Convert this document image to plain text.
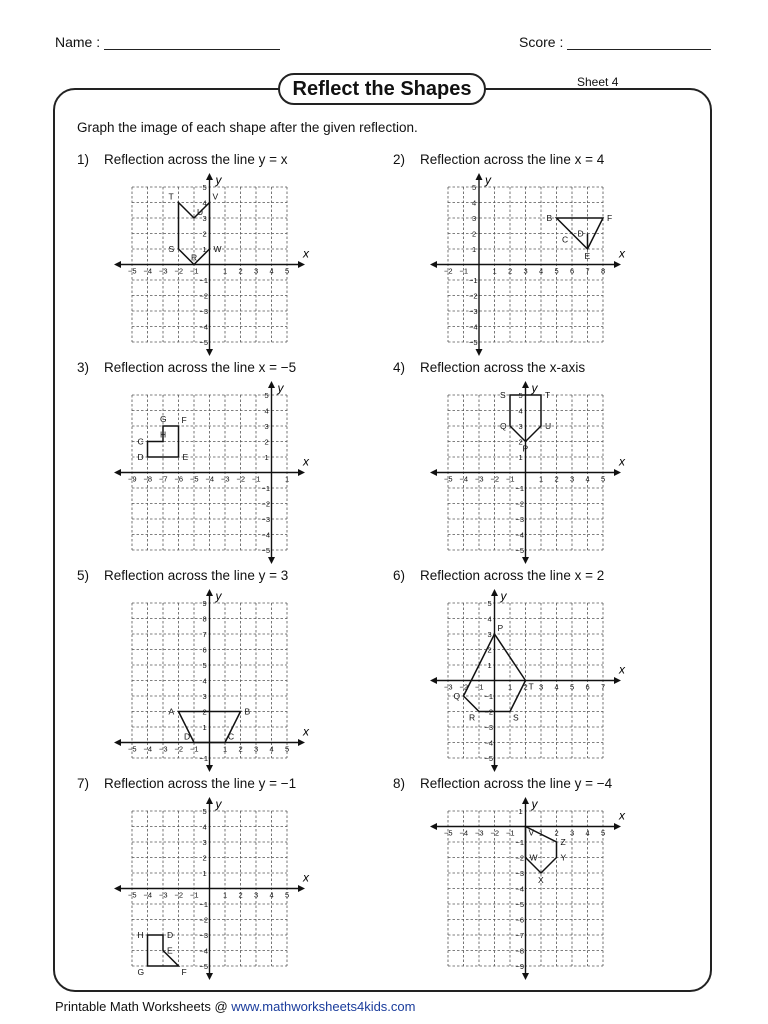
Name :	Score :
Reflect the Shapes	Sheet 4
Graph the image of each shape after the given reflection.
1) Reflection across the line y = x
x
y
−5 −4 −3 −2 −1	1 2 3 4 5
−5
−4
−3
−2
−1
1
2
3
4
5
T
U
V
W
R
S
2) Reflection across the line x = 4
x
y
−2 −1	1 2 3 4 5 6 7 8
−5
−4
−3
−2
−1
1
2
3
4
5
B	F
D
E
C
3) Reflection across the line x = −5
x
y
−9 −8 −7 −6 −5 −4 −3 −2 −1	1
−5
−4
−3
−2
−1
1
2
3
4
5
D
C
H
G F
E
4) Reflection across the x-axis
x
y
−5 −4 −3 −2 −1	1 2 3 4 5
−5
−4
−3
−2
−1
1
2
3
4
5
S	T
U
P
Q
5) Reflection across the line y = 3
x
y
−5 −4 −3 −2 −1	1 2 3 4 5
−1
1
2
3
4
5
6
7
8
9
A	B
C
D
6) Reflection across the line x = 2
x
y
−3 −2 −1	1 2 3 4 5 6 7
−5
−4
−3
−2
−1
1
2
3
4
5
P
T
S
R
Q
7) Reflection across the line y = −1
x
y
−5 −4 −3 −2 −1	1 2 3 4 5
−5
−4
−3
−2
−1
1
2
3
4
5
H	D
E
F
G
8) Reflection across the line y = −4
x
y
−5 −4 −3 −2 −1	1 2 3 4 5
−9
−8
−7
−6
−5
−4
−3
−2
−1
1
V
Z
Y
X
W
Printable Math Worksheets @ www.mathworksheets4kids.com
